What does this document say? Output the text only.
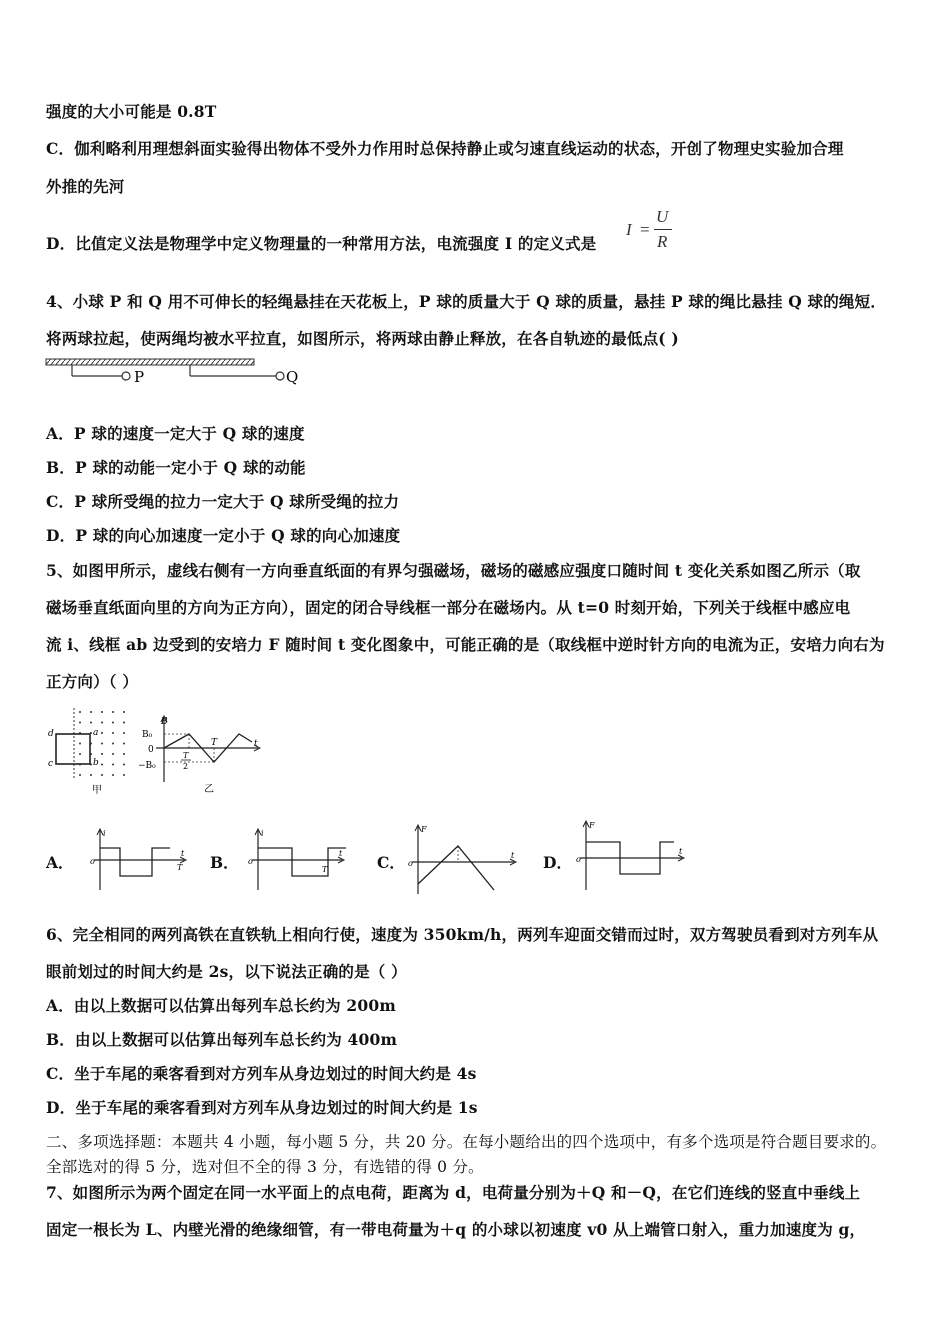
强度的大小可能是 0.8T
C．伽利略利用理想斜面实验得出物体不受外力作用时总保持静止或匀速直线运动的状态，开创了物理史实验加合理
外推的先河
D．比值定义法是物理学中定义物理量的一种常用方法，电流强度 I 的定义式是
I =
U
R
4、小球 P 和 Q 用不可伸长的轻绳悬挂在天花板上，P 球的质量大于 Q 球的质量，悬挂 P 球的绳比悬挂 Q 球的绳短．
将两球拉起，使两绳均被水平拉直，如图所示，将两球由静止释放，在各自轨迹的最低点( )
P	Q
A．P 球的速度一定大于 Q 球的速度
B．P 球的动能一定小于 Q 球的动能
C．P 球所受绳的拉力一定大于 Q 球所受绳的拉力
D．P 球的向心加速度一定小于 Q 球的向心加速度
5、如图甲所示，虚线右侧有一方向垂直纸面的有界匀强磁场，磁场的磁感应强度口随时间 t 变化关系如图乙所示（取
磁场垂直纸面向里的方向为正方向），固定的闭合导线框一部分在磁场内。从 t=0 时刻开始，下列关于线框中感应电
流 i、线框 ab 边受到的安培力 F 随时间 t 变化图象中，可能正确的是（取线框中逆时针方向的电流为正，安培力向右为
正方向）（ ）
d	a
c	b
甲
B
B₀
0
−B₀
T	t
T
2
乙
A．
i
o
T
t B．
i
o
T
t C．
F
o
t D．
F
o
t
6、完全相同的两列高铁在直铁轨上相向行使，速度为 350km/h，两列车迎面交错而过时，双方驾驶员看到对方列车从
眼前划过的时间大约是 2s，以下说法正确的是（ ）
A．由以上数据可以估算出每列车总长约为 200m
B．由以上数据可以估算出每列车总长约为 400m
C．坐于车尾的乘客看到对方列车从身边划过的时间大约是 4s
D．坐于车尾的乘客看到对方列车从身边划过的时间大约是 1s
二、多项选择题：本题共 4 小题，每小题 5 分，共 20 分。在每小题给出的四个选项中，有多个选项是符合题目要求的。
全部选对的得 5 分，选对但不全的得 3 分，有选错的得 0 分。
7、如图所示为两个固定在同一水平面上的点电荷，距离为 d，电荷量分别为＋Q 和－Q，在它们连线的竖直中垂线上
固定一根长为 L、内壁光滑的绝缘细管，有一带电荷量为＋q 的小球以初速度 v0 从上端管口射入，重力加速度为 g，
